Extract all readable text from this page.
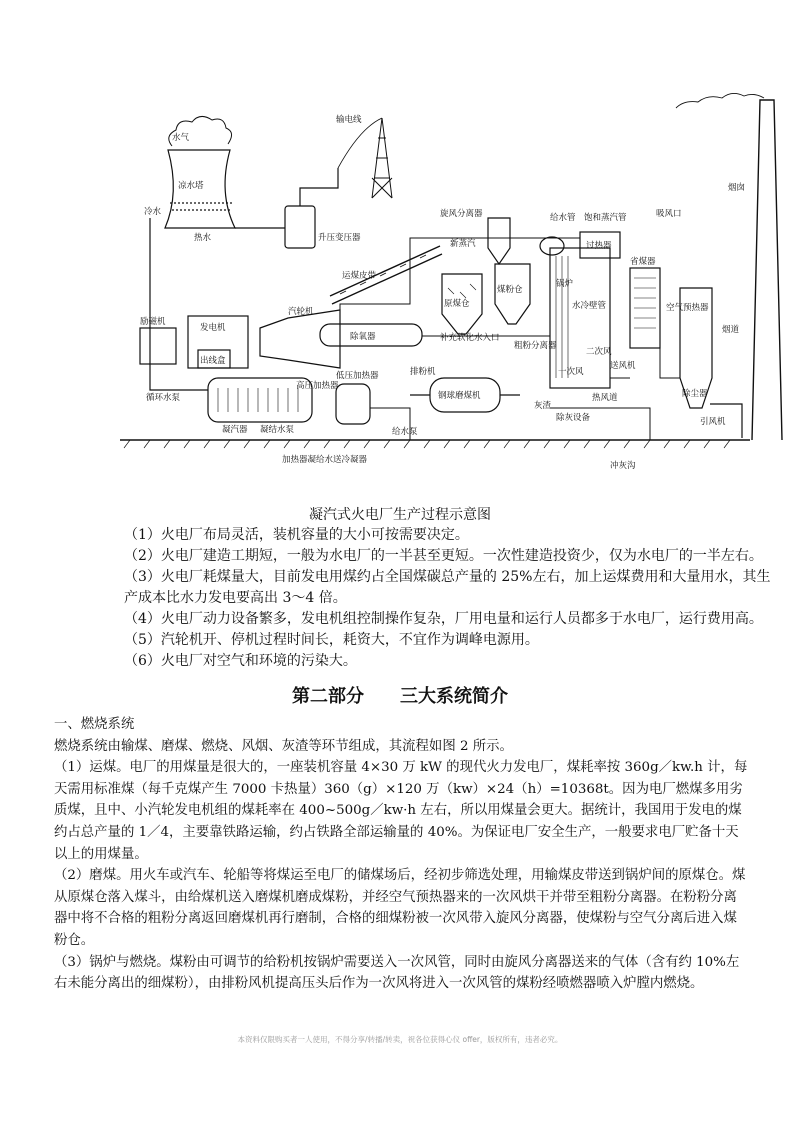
水气
凉水塔
冷水
热水
输电线
升压变压器
励磁机
发电机
出线盒
汽轮机
循环水泵
凝汽器 凝结水泵
低压加热器
运煤皮带
旋风分离器
原煤仓
煤粉仓
补充软化水入口
除氧器
新蒸汽
钢球磨煤机
粗粉分离器
排粉机
给水泵
给水管 饱和蒸汽管
过热器
省煤器
空气预热器
烟囱
烟道
引风机
除尘器
送风机
除灰设备
灰渣
冲灰沟
锅炉
水冷壁管
一次风
二次风
热风道
吸风口
高压加热器
加热器凝给水送冷凝器
凝汽式火电厂生产过程示意图

（1）火电厂布局灵活，装机容量的大小可按需要决定。

（2）火电厂建造工期短，一般为水电厂的一半甚至更短。一次性建造投资少，仅为水电厂的一半左右。

（3）火电厂耗煤量大，目前发电用煤约占全国煤碳总产量的 25%左右，加上运煤费用和大量用水，其生产成本比水力发电要高出 3～4 倍。

（4）火电厂动力设备繁多，发电机组控制操作复杂，厂用电量和运行人员都多于水电厂，运行费用高。

（5）汽轮机开、停机过程时间长，耗资大，不宜作为调峰电源用。

（6）火电厂对空气和环境的污染大。

第二部分 三大系统简介

一、燃烧系统

燃烧系统由输煤、磨煤、燃烧、风烟、灰渣等环节组成，其流程如图 2 所示。

（1）运煤。电厂的用煤量是很大的，一座装机容量 4×30 万 kW 的现代火力发电厂，煤耗率按 360g／kw.h 计，每天需用标准煤（每千克煤产生 7000 卡热量）360（g）×120 万（kw）×24（h）=10368t。因为电厂燃煤多用劣质煤，且中、小汽轮发电机组的煤耗率在 400~500g／kw·h 左右，所以用煤量会更大。据统计，我国用于发电的煤约占总产量的 1／4，主要靠铁路运输，约占铁路全部运输量的 40%。为保证电厂安全生产，一般要求电厂贮备十天以上的用煤量。

（2）磨煤。用火车或汽车、轮船等将煤运至电厂的储煤场后，经初步筛选处理，用输煤皮带送到锅炉间的原煤仓。煤从原煤仓落入煤斗，由给煤机送入磨煤机磨成煤粉，并经空气预热器来的一次风烘干并带至粗粉分离器。在粉粉分离器中将不合格的粗粉分离返回磨煤机再行磨制，合格的细煤粉被一次风带入旋风分离器，使煤粉与空气分离后进入煤粉仓。

（3）锅炉与燃烧。煤粉由可调节的给粉机按锅炉需要送入一次风管，同时由旋风分离器送来的气体（含有约 10%左右未能分离出的细煤粉），由排粉风机提高压头后作为一次风将进入一次风管的煤粉经喷燃器喷入炉膛内燃烧。

本资料仅限购买者一人使用，不得分享/转播/转卖，祝各位获得心仪 offer，版权所有，违者必究。
